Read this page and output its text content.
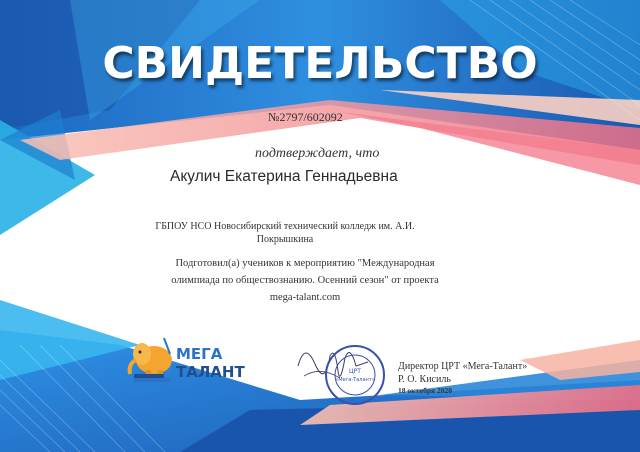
СВИДЕТЕЛЬСТВО
№2797/602092
подтверждает, что
Акулич Екатерина Геннадьевна
ГБПОУ НСО Новосибирский технический колледж им. А.И. Покрышкина
Подготовил(а) учеников к мероприятию "Международная
олимпиада по обществознанию. Осенний сезон" от проекта
mega-talant.com
МЕГА
ТАЛАНТ	ЦРТ
«Мега-Талант»
Директор ЦРТ «Мега-Талант»
Р. О. Кисиль
18 октября 2020
